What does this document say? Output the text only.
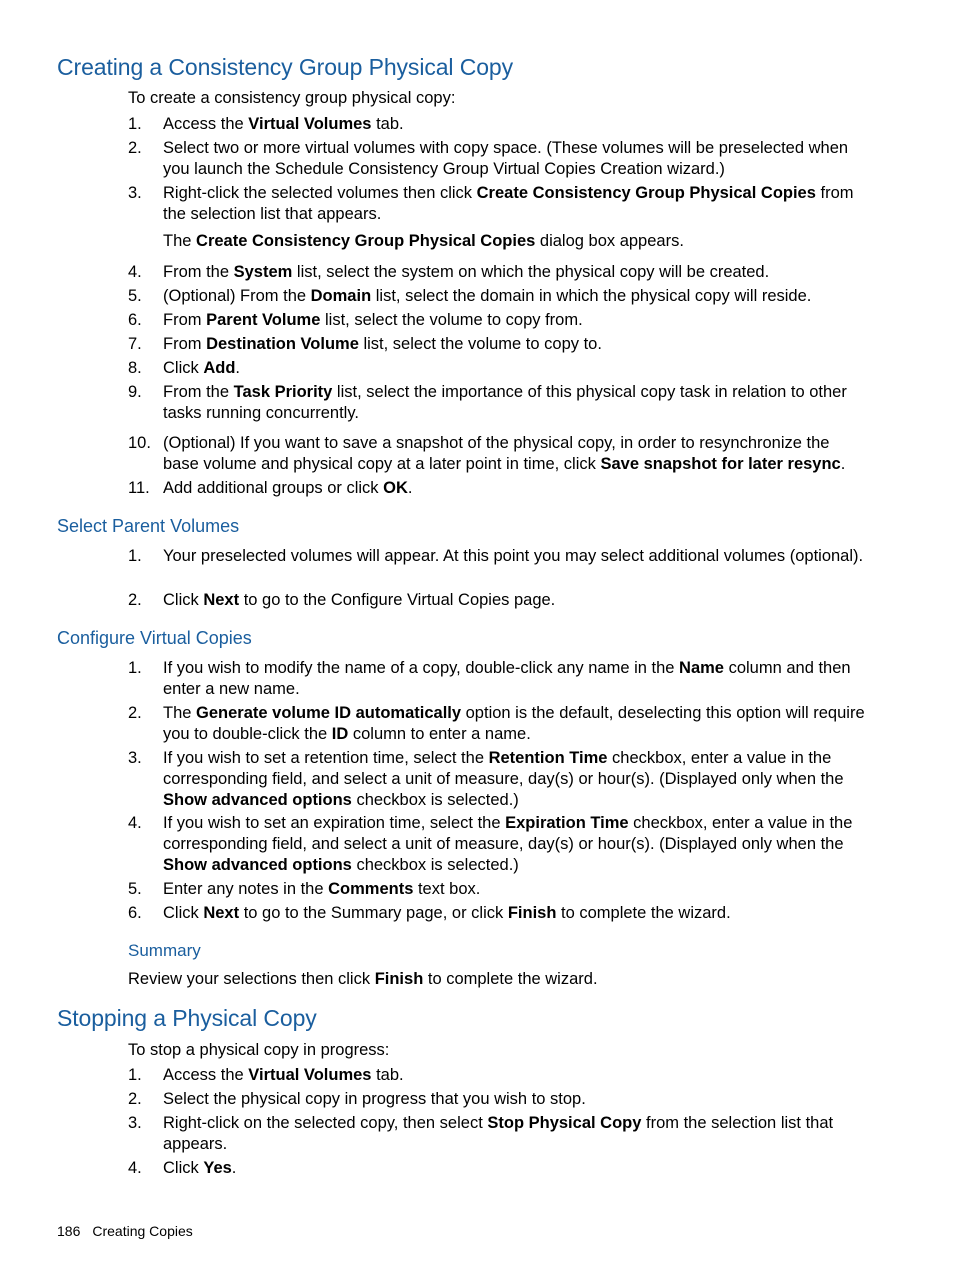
Creating a Consistency Group Physical Copy

To create a consistency group physical copy:

1. Access the Virtual Volumes tab.
2. Select two or more virtual volumes with copy space. (These volumes will be preselected when you launch the Schedule Consistency Group Virtual Copies Creation wizard.)
3. Right-click the selected volumes then click Create Consistency Group Physical Copies from the selection list that appears.
4. From the System list, select the system on which the physical copy will be created.
5. (Optional) From the Domain list, select the domain in which the physical copy will reside.
6. From Parent Volume list, select the volume to copy from.
7. From Destination Volume list, select the volume to copy to.
8. Click Add.
9. From the Task Priority list, select the importance of this physical copy task in relation to other tasks running concurrently.
10. (Optional) If you want to save a snapshot of the physical copy, in order to resynchronize the base volume and physical copy at a later point in time, click Save snapshot for later resync.
11. Add additional groups or click OK.

The Create Consistency Group Physical Copies dialog box appears.

Select Parent Volumes
1. Your preselected volumes will appear. At this point you may select additional volumes (optional).
2. Click Next to go to the Configure Virtual Copies page.
Configure Virtual Copies
1. If you wish to modify the name of a copy, double-click any name in the Name column and then enter a new name.
2. The Generate volume ID automatically option is the default, deselecting this option will require you to double-click the ID column to enter a name.
3. If you wish to set a retention time, select the Retention Time checkbox, enter a value in the corresponding field, and select a unit of measure, day(s) or hour(s). (Displayed only when the Show advanced options checkbox is selected.)
4. If you wish to set an expiration time, select the Expiration Time checkbox, enter a value in the corresponding field, and select a unit of measure, day(s) or hour(s). (Displayed only when the Show advanced options checkbox is selected.)
5. Enter any notes in the Comments text box.
6. Click Next to go to the Summary page, or click Finish to complete the wizard.
Summary

Review your selections then click Finish to complete the wizard.

Stopping a Physical Copy

To stop a physical copy in progress:

1. Access the Virtual Volumes tab.
2. Select the physical copy in progress that you wish to stop.
3. Right-click on the selected copy, then select Stop Physical Copy from the selection list that appears.
4. Click Yes.
186 Creating Copies
